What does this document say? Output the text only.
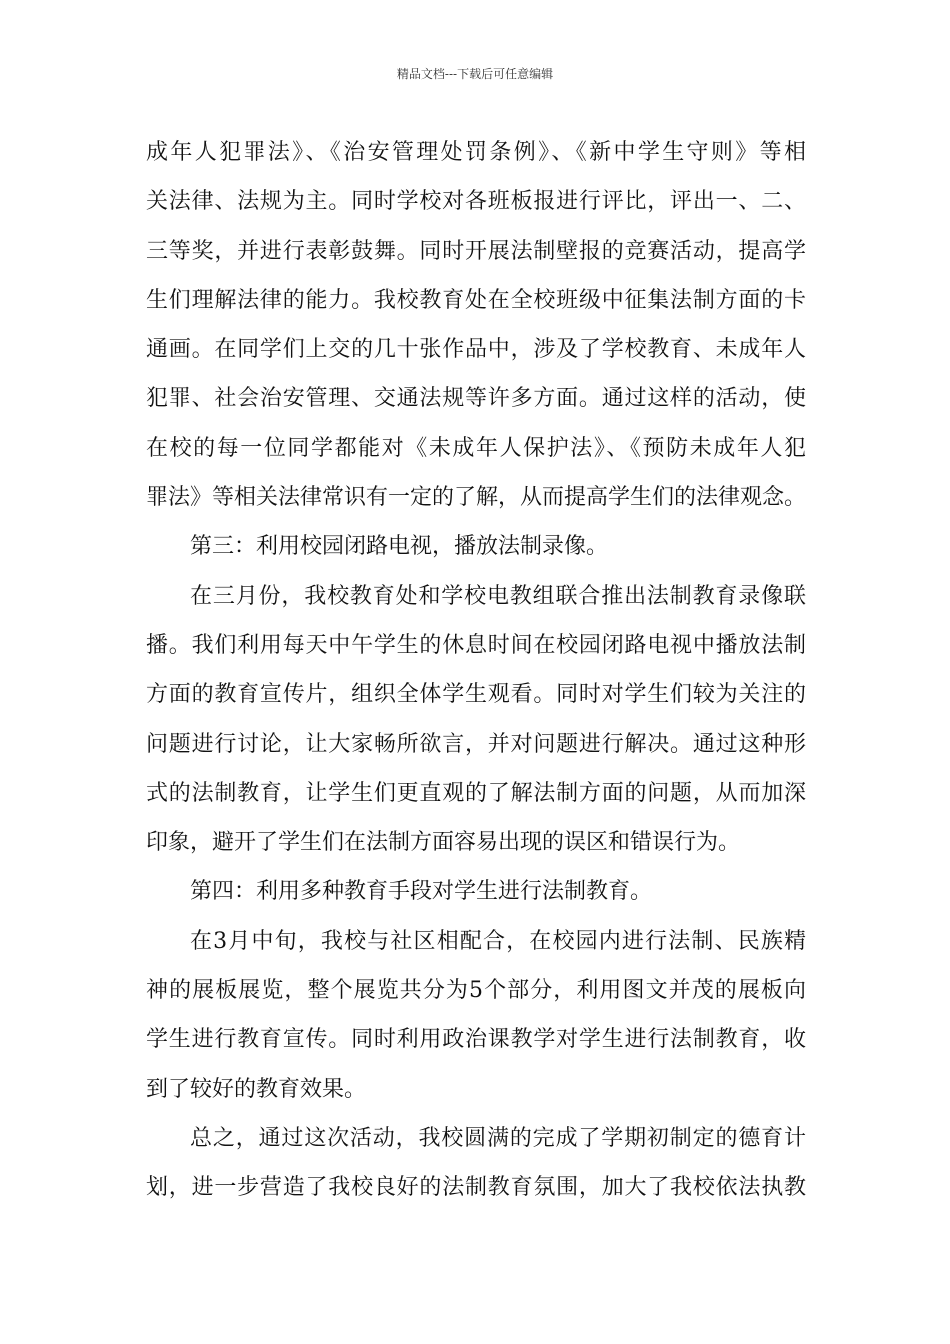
精品文档---下载后可任意编辑
成年人犯罪法》、《治安管理处罚条例》、《新中学生守则》等相
关法律、法规为主。同时学校对各班板报进行评比，评出一、二、
三等奖，并进行表彰鼓舞。同时开展法制壁报的竞赛活动，提高学
生们理解法律的能力。我校教育处在全校班级中征集法制方面的卡
通画。在同学们上交的几十张作品中，涉及了学校教育、未成年人
犯罪、社会治安管理、交通法规等许多方面。通过这样的活动，使
在校的每一位同学都能对《未成年人保护法》、《预防未成年人犯
罪法》等相关法律常识有一定的了解，从而提高学生们的法律观念。
第三：利用校园闭路电视，播放法制录像。
在三月份，我校教育处和学校电教组联合推出法制教育录像联
播。我们利用每天中午学生的休息时间在校园闭路电视中播放法制
方面的教育宣传片，组织全体学生观看。同时对学生们较为关注的
问题进行讨论，让大家畅所欲言，并对问题进行解决。通过这种形
式的法制教育，让学生们更直观的了解法制方面的问题，从而加深
印象，避开了学生们在法制方面容易出现的误区和错误行为。
第四：利用多种教育手段对学生进行法制教育。
在3月中旬，我校与社区相配合，在校园内进行法制、民族精
神的展板展览，整个展览共分为5个部分，利用图文并茂的展板向
学生进行教育宣传。同时利用政治课教学对学生进行法制教育，收
到了较好的教育效果。
总之，通过这次活动，我校圆满的完成了学期初制定的德育计
划，进一步营造了我校良好的法制教育氛围，加大了我校依法执教
